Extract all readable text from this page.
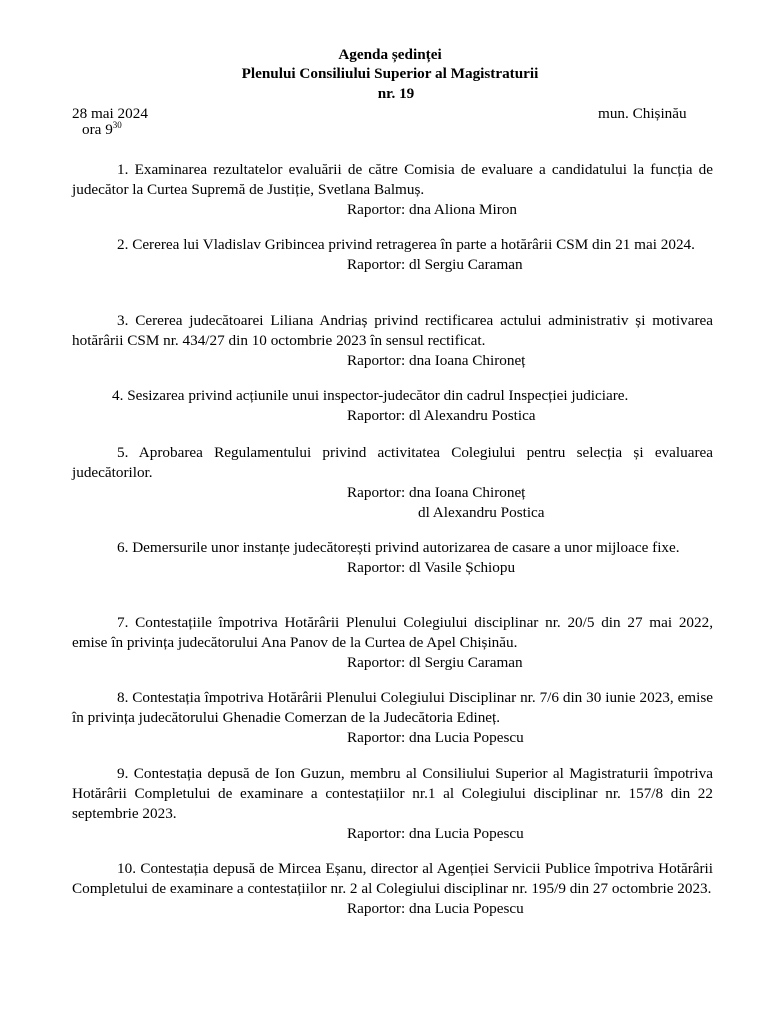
Agenda ședinței
Plenului Consiliului Superior al Magistraturii
nr. 19
28 mai 2024	mun. Chișinău
ora $9^{30}$

1. Examinarea rezultatelor evaluării de către Comisia de evaluare a candidatului la funcția de judecător la Curtea Supremă de Justiție, Svetlana Balmuș.

Raportor: dna Aliona Miron

2. Cererea lui Vladislav Gribincea privind retragerea în parte a hotărârii CSM din 21 mai 2024.

Raportor: dl Sergiu Caraman

3. Cererea judecătoarei Liliana Andriaș privind rectificarea actului administrativ și motivarea hotărârii CSM nr. 434/27 din 10 octombrie 2023 în sensul rectificat.

Raportor: dna Ioana Chironeț

4. Sesizarea privind acțiunile unui inspector-judecător din cadrul Inspecției judiciare.

Raportor: dl Alexandru Postica

5. Aprobarea Regulamentului privind activitatea Colegiului pentru selecția și evaluarea judecătorilor.

Raportor: dna Ioana Chironeț
dl Alexandru Postica

6. Demersurile unor instanțe judecătorești privind autorizarea de casare a unor mijloace fixe.

Raportor: dl Vasile Șchiopu

7. Contestațiile împotriva Hotărârii Plenului Colegiului disciplinar nr. 20/5 din 27 mai 2022, emise în privința judecătorului Ana Panov de la Curtea de Apel Chișinău.

Raportor: dl Sergiu Caraman

8. Contestația împotriva Hotărârii Plenului Colegiului Disciplinar nr. 7/6 din 30 iunie 2023, emise în privința judecătorului Ghenadie Comerzan de la Judecătoria Edineț.

Raportor: dna Lucia Popescu

9. Contestația depusă de Ion Guzun, membru al Consiliului Superior al Magistraturii împotriva Hotărârii Completului de examinare a contestațiilor nr.1 al Colegiului disciplinar nr. 157/8 din 22 septembrie 2023.

Raportor: dna Lucia Popescu

10. Contestația depusă de Mircea Eșanu, director al Agenției Servicii Publice împotriva Hotărârii Completului de examinare a contestațiilor nr. 2 al Colegiului disciplinar nr. 195/9 din 27 octombrie 2023.

Raportor: dna Lucia Popescu
